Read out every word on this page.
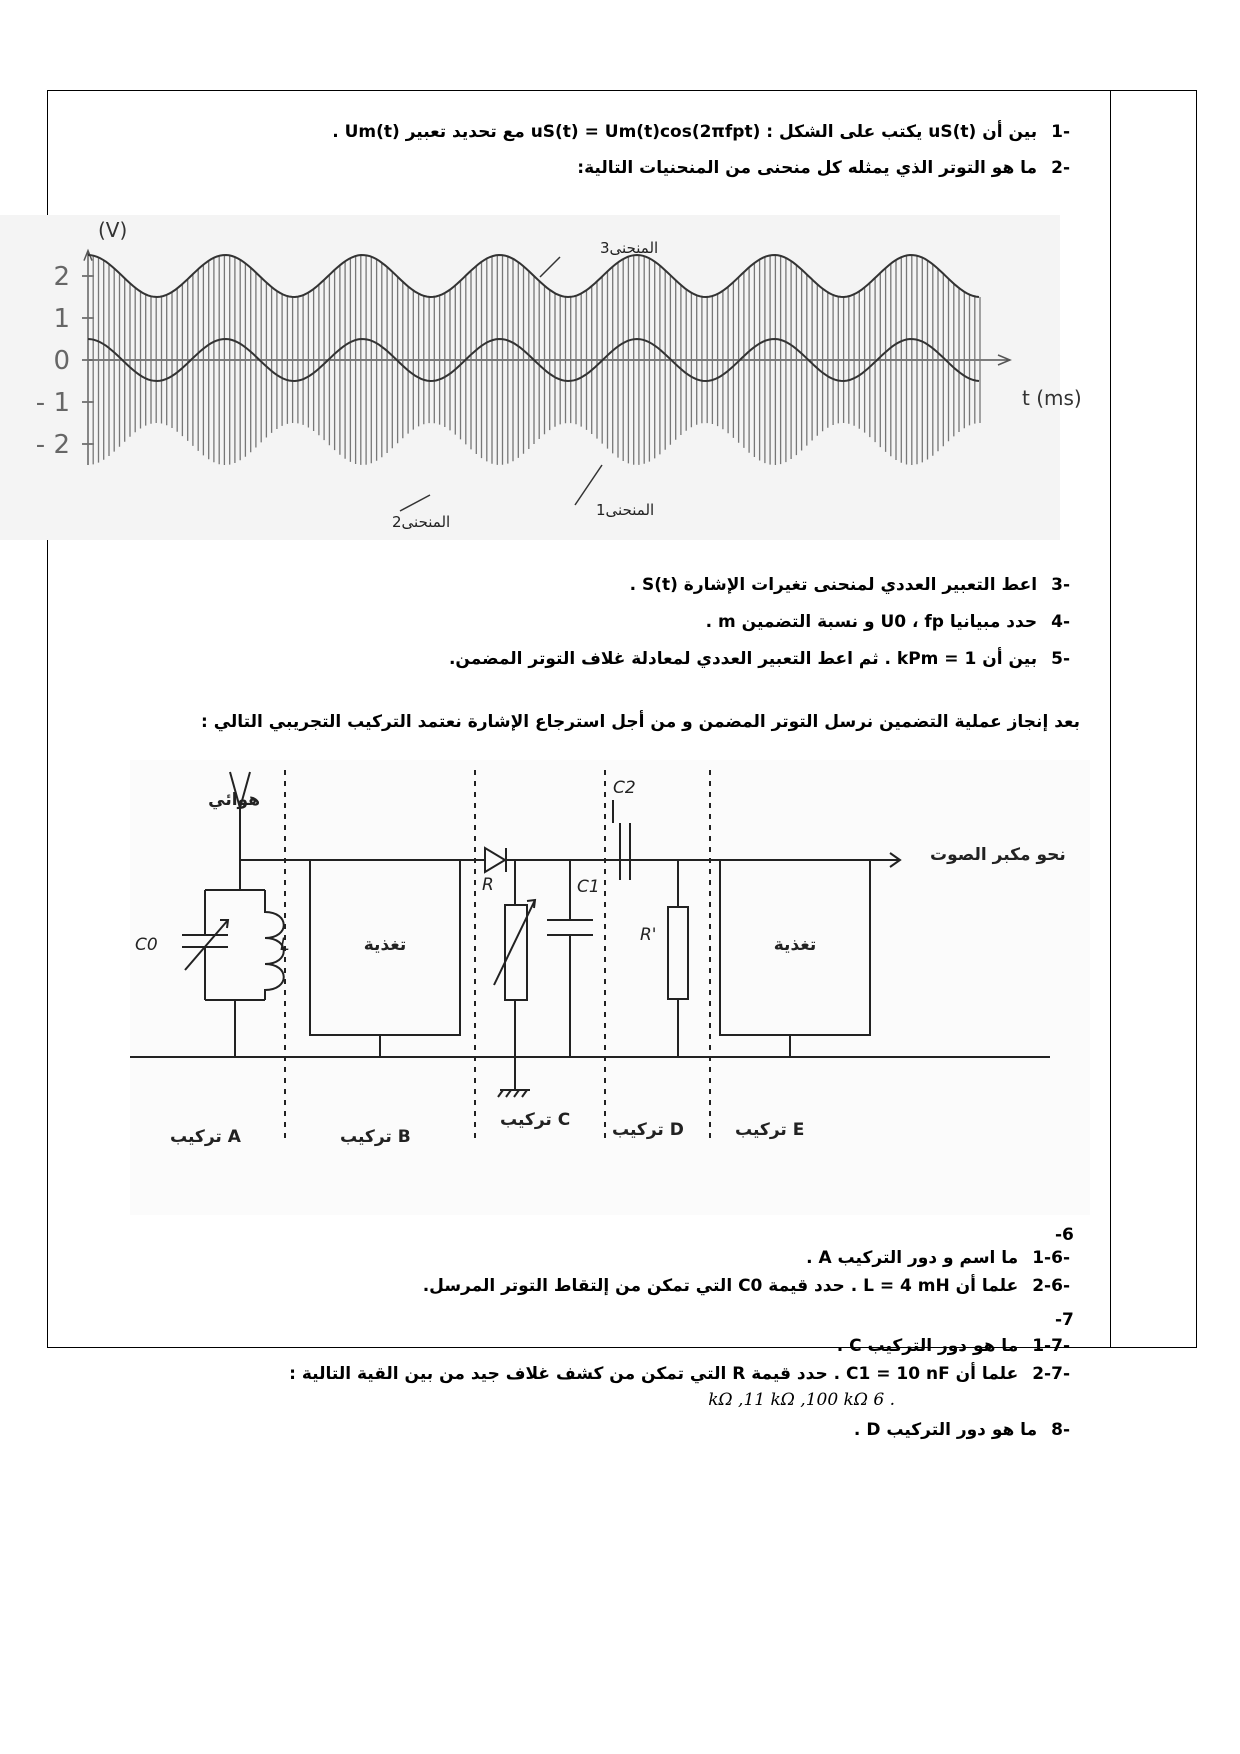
-1بين أن uS(t) يكتب على الشكل : uS(t) = Um(t)cos(2πfpt) مع تحديد تعبير Um(t) .
-2ما هو التوتر الذي يمثله كل منحنى من المنحنيات التالية:
2
1
0
- 1
- 2
(V)
t (ms)
المنحنى3
المنحنى2
المنحنى1
-3اعط التعبير العددي لمنحنى تغيرات الإشارة S(t) .
-4حدد مبيانيا U0 ، fp و نسبة التضمين m .
-5بين أن kPm = 1 . ثم اعط التعبير العددي لمعادلة غلاف التوتر المضمن.
بعد إنجاز عملية التضمين نرسل التوتر المضمن و من أجل استرجاع الإشارة نعتمد التركيب التجريبي التالي :
هوائي
نحو مكبر الصوت
تغذية	تغذية
C0	L
R	C1
C2
R'
تركيب A	تركيب B
تركيب C تركيب D	تركيب E
-6
-1-6ما اسم و دور التركيب A .
-2-6علما أن L = 4 mH . حدد قيمة C0 التي تمكن من إلتقاط التوتر المرسل.
-7
-1-7ما هو دور التركيب C .
-2-7علما أن C1 = 10 nF . حدد قيمة R التي تمكن من كشف غلاف جيد من بين القية التالية :
. 6 kΩ ,11 kΩ ,100 kΩ
-8ما هو دور التركيب D .
